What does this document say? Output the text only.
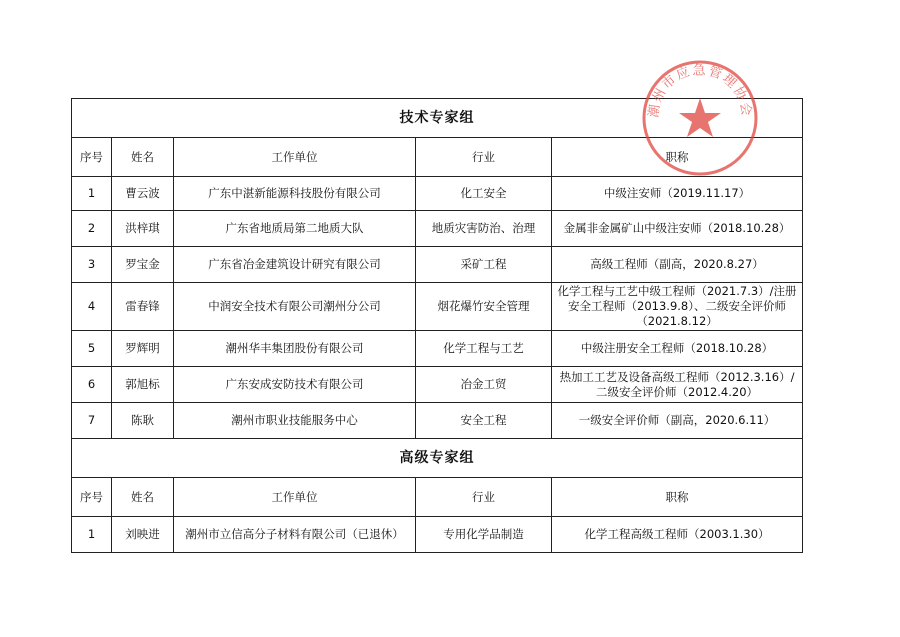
技术专家组				
序号	姓名	工作单位	行业	职称
1	曹云波	广东中湛新能源科技股份有限公司	化工安全	中级注安师（2019.11.17）
2	洪梓琪	广东省地质局第二地质大队	地质灾害防治、治理	金属非金属矿山中级注安师（2018.10.28）
3	罗宝金	广东省冶金建筑设计研究有限公司	采矿工程	高级工程师（副高，2020.8.27）
4	雷春锋	中润安全技术有限公司潮州分公司	烟花爆竹安全管理	化学工程与工艺中级工程师（2021.7.3）/注册安全工程师（2013.9.8）、二级安全评价师（2021.8.12）
5	罗辉明	潮州华丰集团股份有限公司	化学工程与工艺	中级注册安全工程师（2018.10.28）
6	郭旭标	广东安成安防技术有限公司	冶金工贸	热加工工艺及设备高级工程师（2012.3.16）/二级安全评价师（2012.4.20）
7	陈耿	潮州市职业技能服务中心	安全工程	一级安全评价师（副高，2020.6.11）
高级专家组				
序号	姓名	工作单位	行业	职称
1	刘映进	潮州市立信高分子材料有限公司（已退休）	专用化学品制造	化学工程高级工程师（2003.1.30）
潮州市应急管理协会
